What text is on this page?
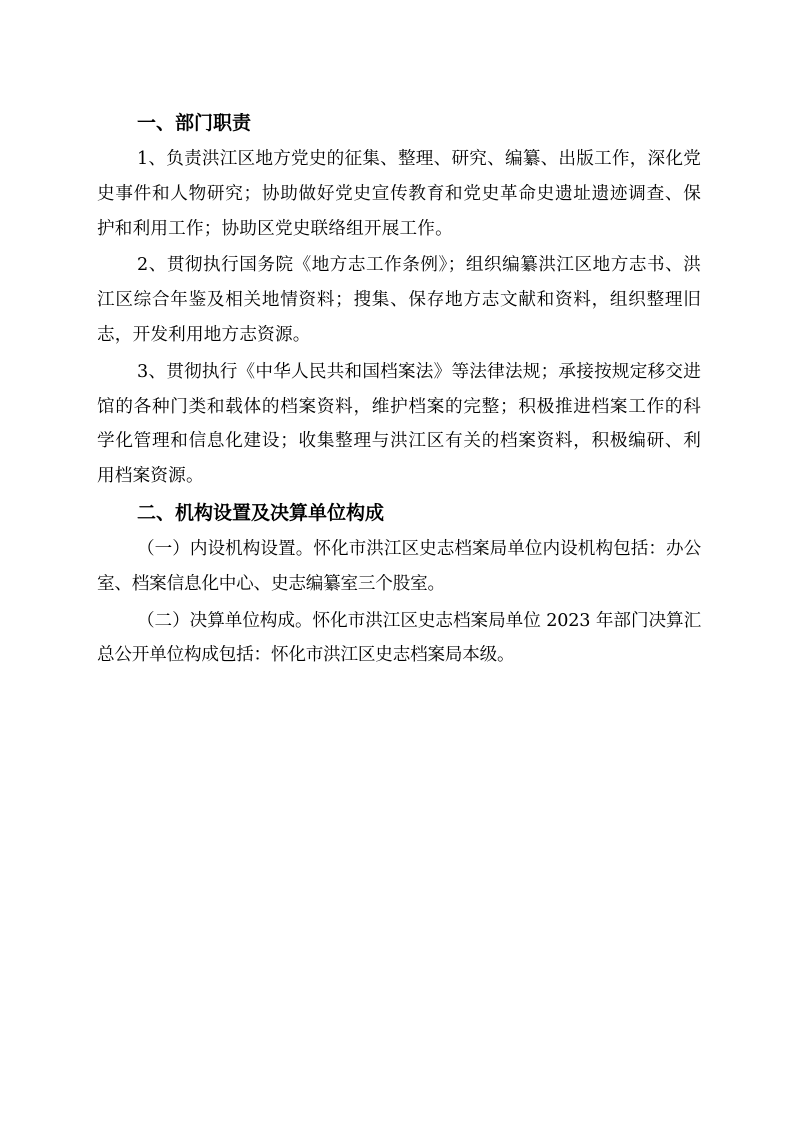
一、部门职责

1、负责洪江区地方党史的征集、整理、研究、编纂、出版工作，深化党史事件和人物研究；协助做好党史宣传教育和党史革命史遗址遗迹调查、保护和利用工作；协助区党史联络组开展工作。

2、贯彻执行国务院《地方志工作条例》；组织编纂洪江区地方志书、洪江区综合年鉴及相关地情资料；搜集、保存地方志文献和资料，组织整理旧志，开发利用地方志资源。

3、贯彻执行《中华人民共和国档案法》等法律法规；承接按规定移交进馆的各种门类和载体的档案资料，维护档案的完整；积极推进档案工作的科学化管理和信息化建设；收集整理与洪江区有关的档案资料，积极编研、利用档案资源。

二、机构设置及决算单位构成

（一）内设机构设置。怀化市洪江区史志档案局单位内设机构包括：办公室、档案信息化中心、史志编纂室三个股室。

（二）决算单位构成。怀化市洪江区史志档案局单位 2023 年部门决算汇总公开单位构成包括：怀化市洪江区史志档案局本级。
